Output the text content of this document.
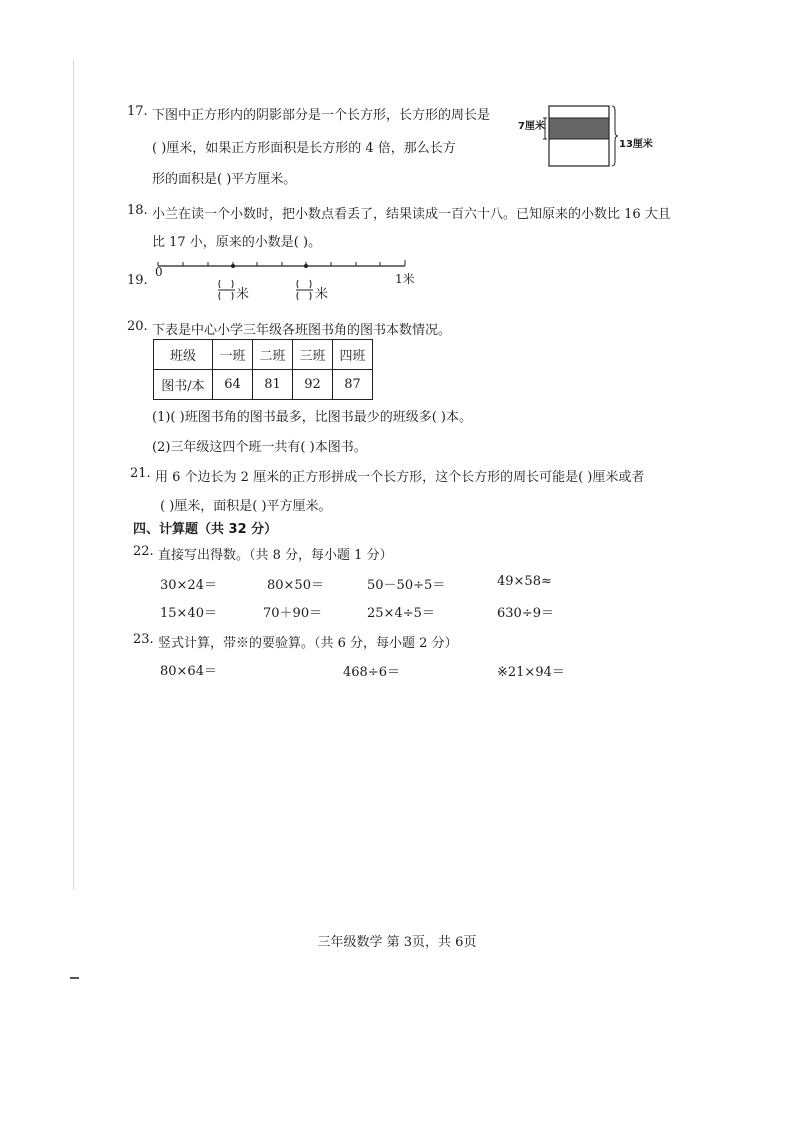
17. 下图中正方形内的阴影部分是一个长方形，长方形的周长是
( )厘米，如果正方形面积是长方形的 4 倍，那么长方
形的面积是( )平方厘米。
7厘米
13厘米
18. 小兰在读一个小数时，把小数点看丢了，结果读成一百六十八。已知原来的小数比 16 大且
比 17 小，原来的小数是( )。
19.
0	1米
米	米
20. 下表是中心小学三年级各班图书角的图书本数情况。
班级	一班	二班	三班	四班
图书/本	64	81	92	87
(1)( )班图书角的图书最多，比图书最少的班级多( )本。
(2)三年级这四个班一共有( )本图书。
21. 用 6 个边长为 2 厘米的正方形拼成一个长方形，这个长方形的周长可能是( )厘米或者
( )厘米，面积是( )平方厘米。
四、计算题（共 32 分）
22. 直接写出得数。（共 8 分，每小题 1 分）
30×24＝	80×50＝	50－50÷5＝	49×58≈
15×40＝	70＋90＝	25×4÷5＝	630÷9＝
23. 竖式计算，带※的要验算。（共 6 分，每小题 2 分）
80×64＝	468÷6＝	※21×94＝
三年级数学 第 3页，共 6页
